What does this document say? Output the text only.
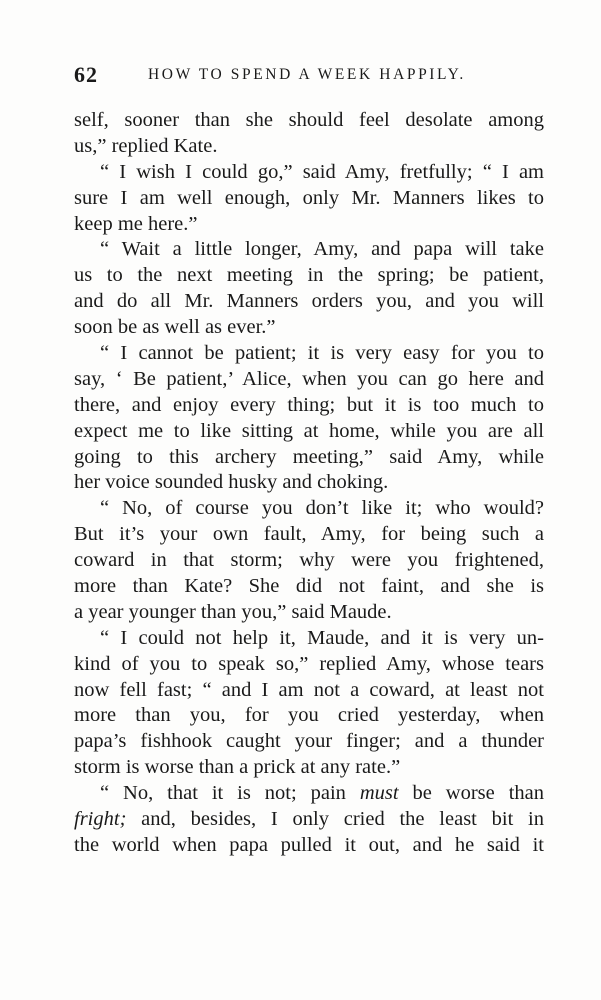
62	HOW TO SPEND A WEEK HAPPILY.
self, sooner than she should feel desolate among
us,” replied Kate.
“ I wish I could go,” said Amy, fretfully; “ I am
sure I am well enough, only Mr. Manners likes to
keep me here.”
“ Wait a little longer, Amy, and papa will take
us to the next meeting in the spring; be patient,
and do all Mr. Manners orders you, and you will
soon be as well as ever.”
“ I cannot be patient; it is very easy for you to
say, ‘ Be patient,’ Alice, when you can go here and
there, and enjoy every thing; but it is too much to
expect me to like sitting at home, while you are all
going to this archery meeting,” said Amy, while
her voice sounded husky and choking.
“ No, of course you don’t like it; who would?
But it’s your own fault, Amy, for being such a
coward in that storm; why were you frightened,
more than Kate? She did not faint, and she is
a year younger than you,” said Maude.
“ I could not help it, Maude, and it is very un-
kind of you to speak so,” replied Amy, whose tears
now fell fast; “ and I am not a coward, at least not
more than you, for you cried yesterday, when
papa’s fishhook caught your finger; and a thunder
storm is worse than a prick at any rate.”
“ No, that it is not; pain must be worse than
fright; and, besides, I only cried the least bit in
the world when papa pulled it out, and he said it
